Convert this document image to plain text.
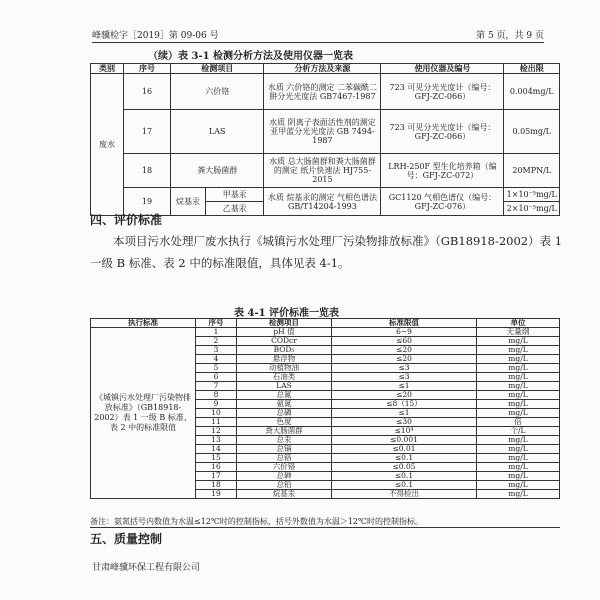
峰骥检字［2019］第 09-06 号	第 5 页，共 9 页
（续）表 3-1 检测分析方法及使用仪器一览表
类别	序号	检测项目		分析方法及来源	使用仪器及编号	检出限
废水	16	六价铬		水质 六价铬的测定 二苯碳酰二肼分光光度法 GB7467-1987	723 可见分光光度计（编号：GFJ-ZC-066）	0.004mg/L
	17	LAS		水质 阴离子表面活性剂的测定 亚甲蓝分光光度法 GB 7494-1987	723 可见分光光度计（编号：GFJ-ZC-066）	0.05mg/L
	18	粪大肠菌群		水质 总大肠菌群和粪大肠菌群的测定 纸片快速法 HJ755-2015	LRH-250F 型生化培养箱（编号：GFJ-ZC-072）	20MPN/L
	19	烷基汞	甲基汞	水质 烷基汞的测定 气相色谱法 GB/T14204-1993	GC1120 气相色谱仪（编号：GFJ-ZC-076）	1×10⁻⁵mg/L
			乙基汞			2×10⁻⁵mg/L
四、评价标准
本项目污水处理厂废水执行《城镇污水处理厂污染物排放标准》（GB18918-2002）表 1 一级 B 标准、表 2 中的标准限值，具体见表 4-1。
表 4-1 评价标准一览表
执行标准	序号	检测项目	标准限值	单位
《城镇污水处理厂污染物排放标准》（GB18918-2002）表 1 一级 B 标准、表 2 中的标准限值	1	pH 值	6~9	无量纲
	2	CODcr	≤60	mg/L
	3	BOD₅	≤20	mg/L
	4	悬浮物	≤20	mg/L
	5	动植物油	≤3	mg/L
	6	石油类	≤3	mg/L
	7	LAS	≤1	mg/L
	8	总氮	≤20	mg/L
	9	氨氮	≤8（15）	mg/L
	10	总磷	≤1	mg/L
	11	色度	≤30	倍
	12	粪大肠菌群	≤10⁴	个/L
	13	总汞	≤0.001	mg/L
	14	总镉	≤0.01	mg/L
	15	总铬	≤0.1	mg/L
	16	六价铬	≤0.05	mg/L
	17	总砷	≤0.1	mg/L
	18	总铅	≤0.1	mg/L
	19	烷基汞	不得检出	mg/L
备注：氨氮括号内数值为水温≤12℃时的控制指标，括号外数值为水温＞12℃时的控制指标。
五、质量控制
甘肃峰骥环保工程有限公司
